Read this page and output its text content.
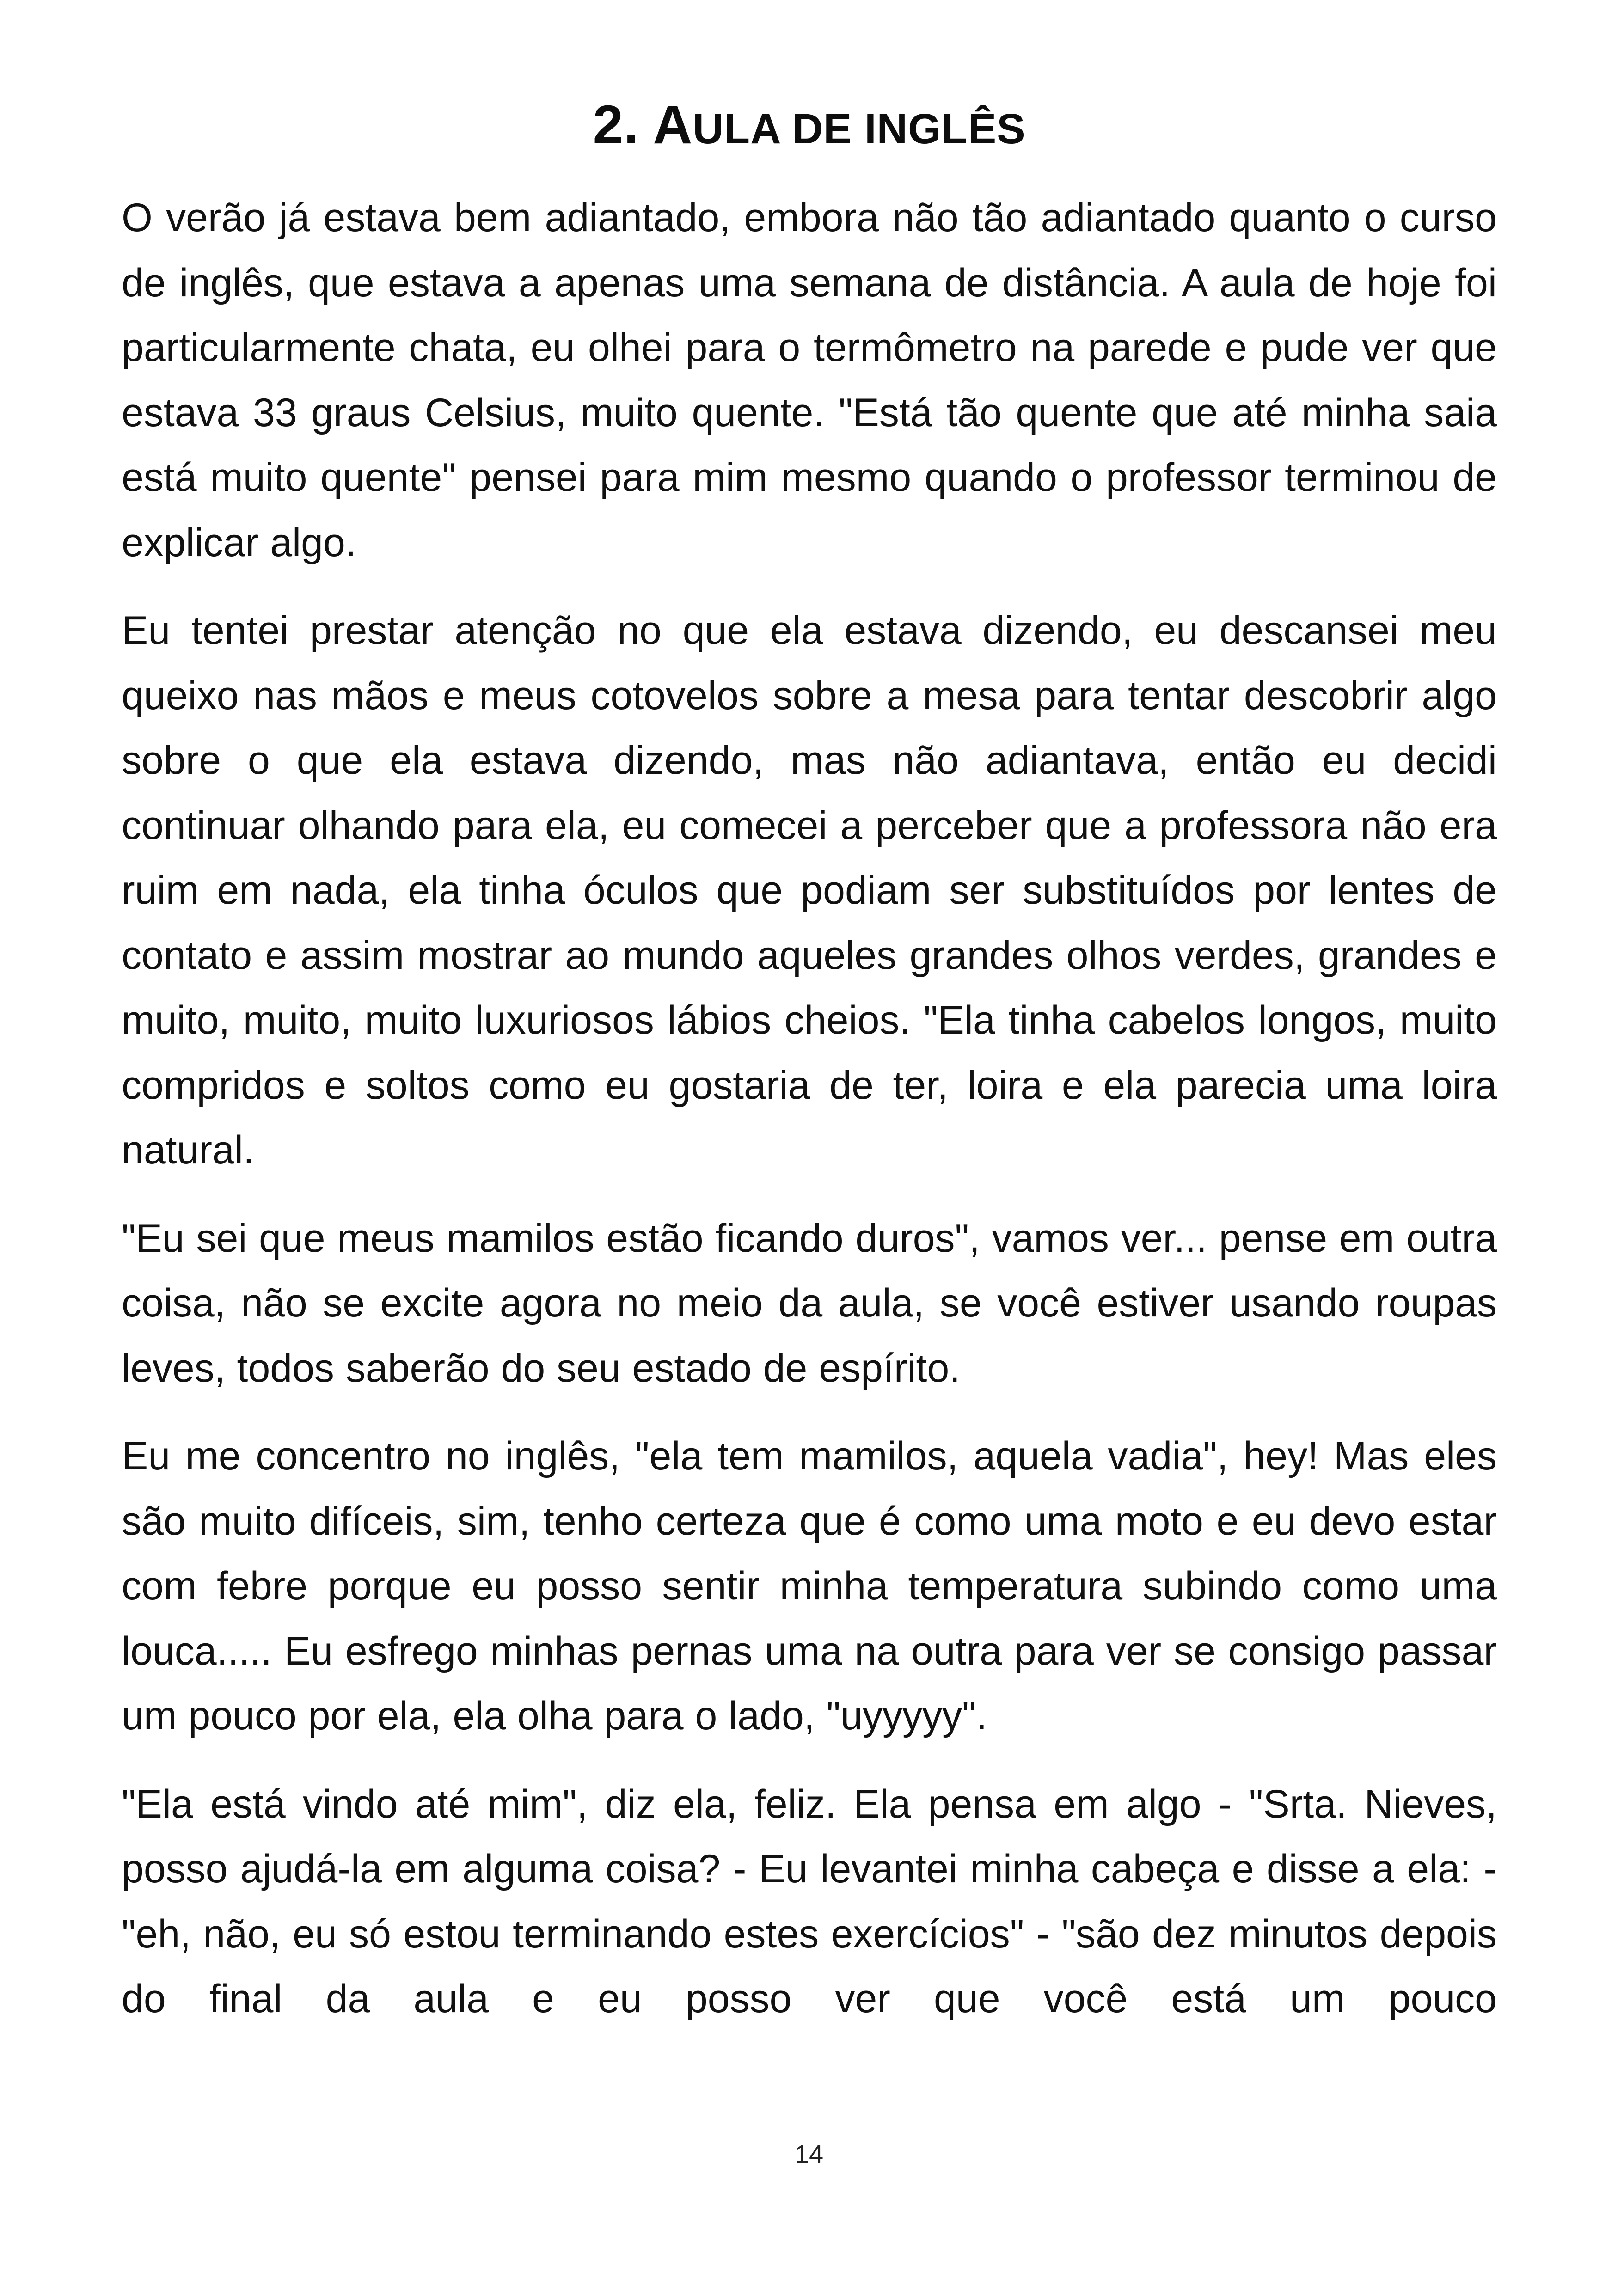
2. AULA DE INGLÊS

O verão já estava bem adiantado, embora não tão adiantado quanto o curso de inglês, que estava a apenas uma semana de distância. A aula de hoje foi particularmente chata, eu olhei para o termômetro na parede e pude ver que estava 33 graus Celsius, muito quente. "Está tão quente que até minha saia está muito quente" pensei para mim mesmo quando o professor terminou de explicar algo.

Eu tentei prestar atenção no que ela estava dizendo, eu descansei meu queixo nas mãos e meus cotovelos sobre a mesa para tentar descobrir algo sobre o que ela estava dizendo, mas não adiantava, então eu decidi continuar olhando para ela, eu comecei a perceber que a professora não era ruim em nada, ela tinha óculos que podiam ser substituídos por lentes de contato e assim mostrar ao mundo aqueles grandes olhos verdes, grandes e muito, muito, muito luxuriosos lábios cheios. "Ela tinha cabelos longos, muito compridos e soltos como eu gostaria de ter, loira e ela parecia uma loira natural.

"Eu sei que meus mamilos estão ficando duros", vamos ver... pense em outra coisa, não se excite agora no meio da aula, se você estiver usando roupas leves, todos saberão do seu estado de espírito.

Eu me concentro no inglês, "ela tem mamilos, aquela vadia", hey! Mas eles são muito difíceis, sim, tenho certeza que é como uma moto e eu devo estar com febre porque eu posso sentir minha temperatura subindo como uma louca..... Eu esfrego minhas pernas uma na outra para ver se consigo passar um pouco por ela, ela olha para o lado, "uyyyyy".

"Ela está vindo até mim", diz ela, feliz. Ela pensa em algo - "Srta. Nieves, posso ajudá-la em alguma coisa? - Eu levantei minha cabeça e disse a ela: - "eh, não, eu só estou terminando estes exercícios" - "são dez minutos depois do final da aula e eu posso ver que você está um pouco

14
